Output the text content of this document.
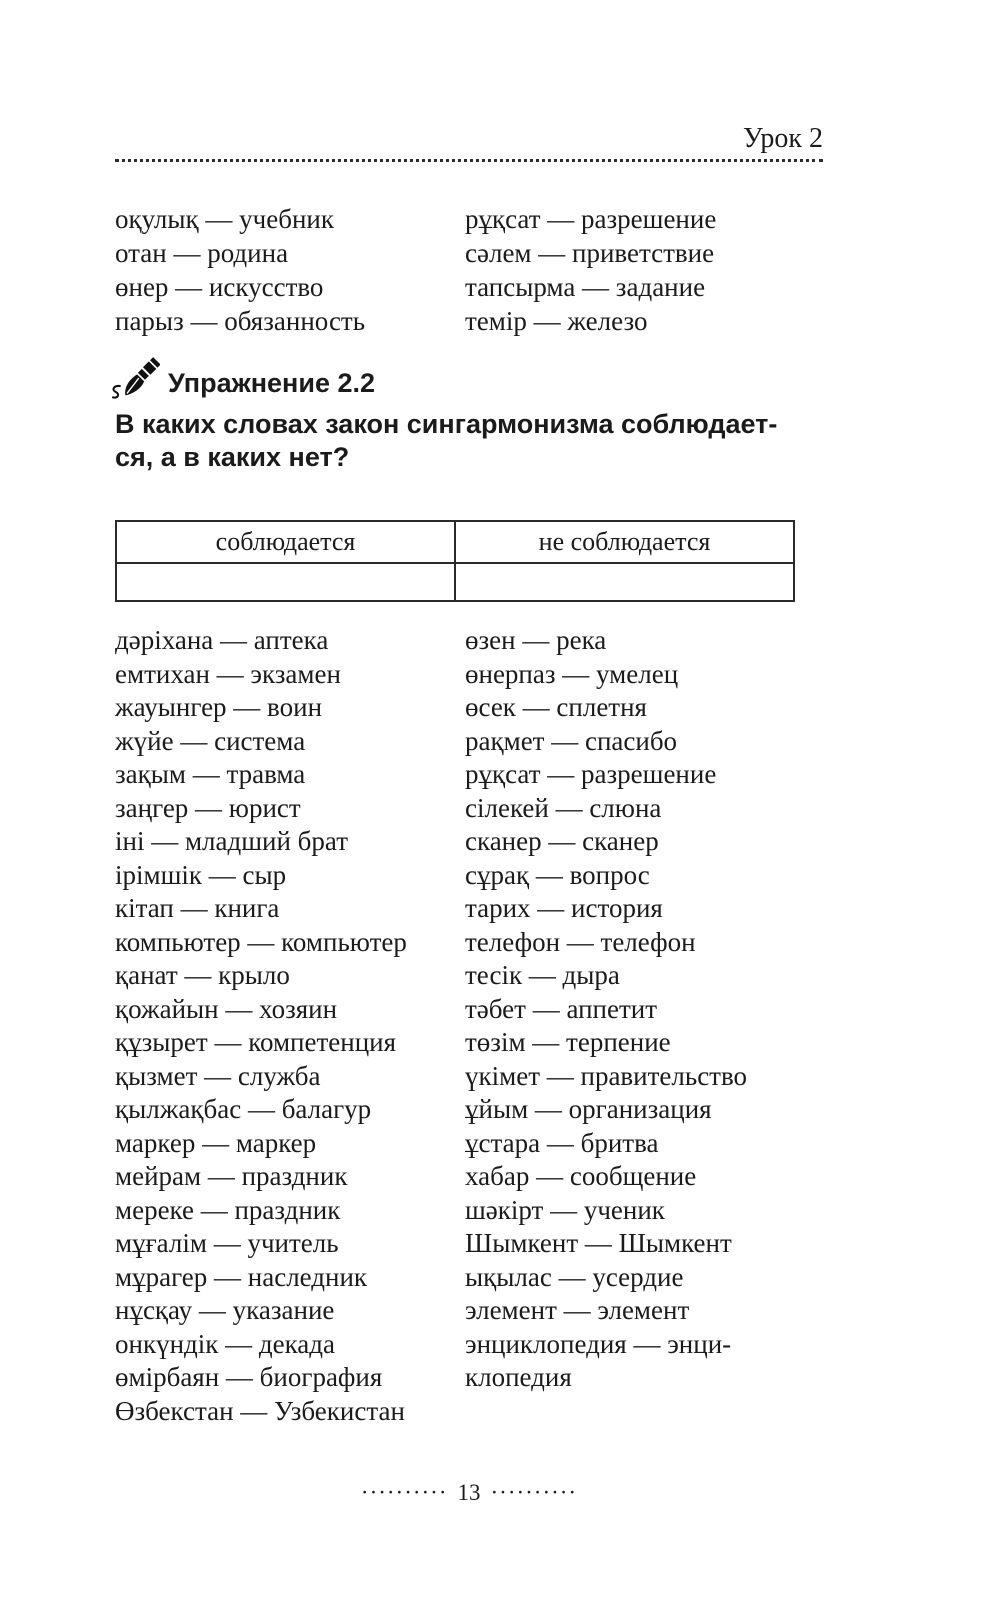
Урок 2
оқулық — учебник
отан — родина
өнер — искусство
парыз — обязанность
рұқсат — разрешение
сәлем — приветствие
тапсырма — задание
темір — железо
Упражнение 2.2
В каких словах закон сингармонизма соблюдает-
ся, а в каких нет?
соблюдается	не соблюдается

дәріхана — аптека
емтихан — экзамен
жауынгер — воин
жүйе — система
зақым — травма
заңгер — юрист
іні — младший брат
ірімшік — сыр
кітап — книга
компьютер — компьютер
қанат — крыло
қожайын — хозяин
құзырет — компетенция
қызмет — служба
қылжақбас — балагур
маркер — маркер
мейрам — праздник
мереке — праздник
мұғалім — учитель
мұрагер — наследник
нұсқау — указание
онкүндік — декада
өмірбаян — биография
Өзбекстан — Узбекистан
өзен — река
өнерпаз — умелец
өсек — сплетня
рақмет — спасибо
рұқсат — разрешение
сілекей — слюна
сканер — сканер
сұрақ — вопрос
тарих — история
телефон — телефон
тесік — дыра
тәбет — аппетит
төзім — терпение
үкімет — правительство
ұйым — организация
ұстара — бритва
хабар — сообщение
шәкірт — ученик
Шымкент — Шымкент
ықылас — усердие
элемент — элемент
энциклопедия — энци-
клопедия
·········· 13 ··········
